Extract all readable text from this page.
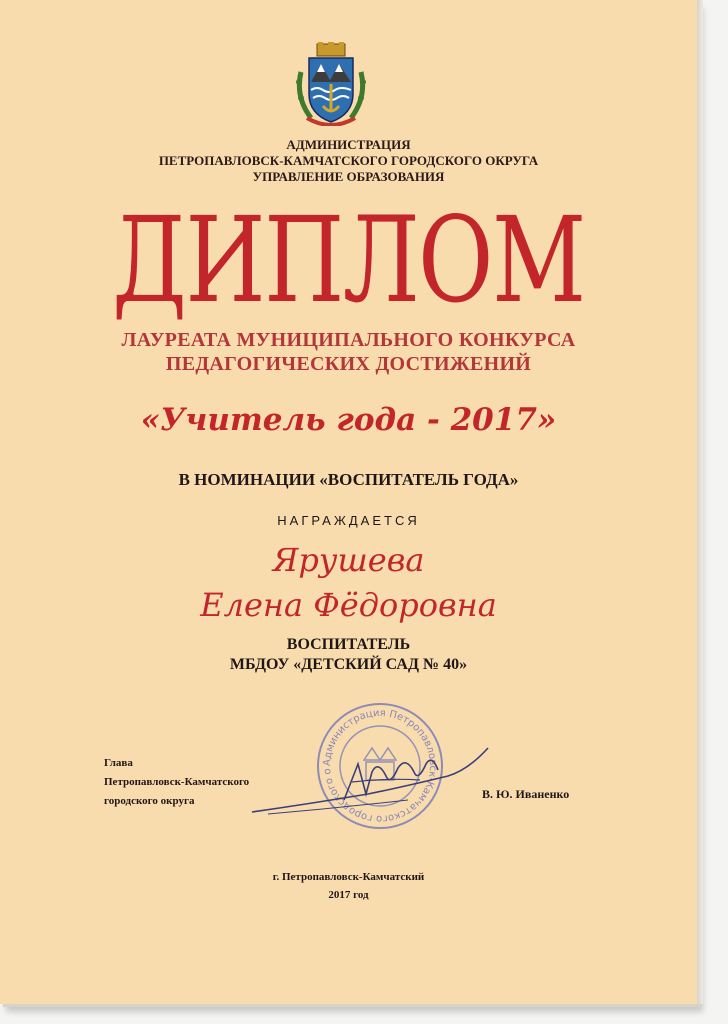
АДМИНИСТРАЦИЯ
ПЕТРОПАВЛОВСК-КАМЧАТСКОГО ГОРОДСКОГО ОКРУГА
УПРАВЛЕНИЕ ОБРАЗОВАНИЯ
ДИПЛОМ
ЛАУРЕАТА МУНИЦИПАЛЬНОГО КОНКУРСА
ПЕДАГОГИЧЕСКИХ ДОСТИЖЕНИЙ
«Учитель года - 2017»
В НОМИНАЦИИ «ВОСПИТАТЕЛЬ ГОДА»
НАГРАЖДАЕТСЯ
Ярушева
Елена Фёдоровна
ВОСПИТАТЕЛЬ
МБДОУ «ДЕТСКИЙ САД № 40»
Администрация Петропавловск-Камчатского городского о
Глава
Петропавловск-Камчатского
городского округа	В. Ю. Иваненко
г. Петропавловск-Камчатский
2017 год
